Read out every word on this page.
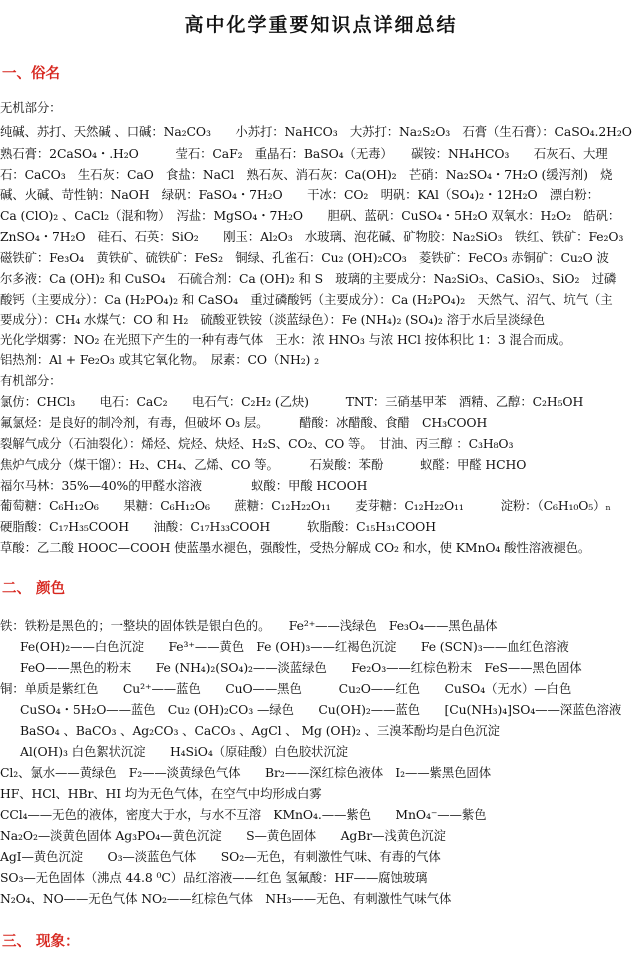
高中化学重要知识点详细总结
一、俗名
无机部分：
纯碱、苏打、天然碱 、口碱：Na₂CO₃　　小苏打：NaHCO₃　大苏打：Na₂S₂O₃　石膏（生石膏）：CaSO₄.2H₂O
熟石膏：2CaSO₄・.H₂O　　　莹石：CaF₂　重晶石：BaSO₄（无毒）　　碳铵：NH₄HCO₃　　石灰石、大理
石：CaCO₃　生石灰：CaO　食盐：NaCl　熟石灰、消石灰：Ca(OH)₂　芒硝：Na₂SO₄・7H₂O (缓泻剂)　烧
碱、火碱、苛性钠：NaOH　绿矾：FaSO₄・7H₂O　　干冰：CO₂　明矾：KAl（SO₄)₂・12H₂O　漂白粉：
Ca (ClO)₂ 、CaCl₂（混和物）　泻盐：MgSO₄・7H₂O　　胆矾、蓝矾：CuSO₄・5H₂O 双氧水：H₂O₂　皓矾：
ZnSO₄・7H₂O　硅石、石英：SiO₂　　刚玉：Al₂O₃　水玻璃、泡花碱、矿物胶：Na₂SiO₃　铁红、铁矿：Fe₂O₃
磁铁矿：Fe₃O₄　黄铁矿、硫铁矿：FeS₂　铜绿、孔雀石：Cu₂ (OH)₂CO₃　菱铁矿：FeCO₃ 赤铜矿：Cu₂O 波
尔多液：Ca (OH)₂ 和 CuSO₄　石硫合剂：Ca (OH)₂ 和 S　玻璃的主要成分：Na₂SiO₃、CaSiO₃、SiO₂　过磷
酸钙（主要成分）：Ca (H₂PO₄)₂ 和 CaSO₄　重过磷酸钙（主要成分）：Ca (H₂PO₄)₂　天然气、沼气、坑气（主
要成分）：CH₄ 水煤气：CO 和 H₂　硫酸亚铁铵（淡蓝绿色）：Fe (NH₄)₂ (SO₄)₂ 溶于水后呈淡绿色
光化学烟雾：NO₂ 在光照下产生的一种有毒气体　王水：浓 HNO₃ 与浓 HCl 按体积比 1：3 混合而成。
铝热剂：Al + Fe₂O₃ 或其它氧化物。　尿素：CO（NH₂) ₂
有机部分：
氯仿：CHCl₃　　电石：CaC₂　　电石气：C₂H₂ (乙炔)　　　TNT：三硝基甲苯　酒精、乙醇：C₂H₅OH
氟氯烃：是良好的制冷剂，有毒，但破坏 O₃ 层。　　　醋酸：冰醋酸、食醋　CH₃COOH
裂解气成分（石油裂化）：烯烃、烷烃、炔烃、H₂S、CO₂、CO 等。　甘油、丙三醇 ：C₃H₈O₃
焦炉气成分（煤干馏）：H₂、CH₄、乙烯、CO 等。　　　石炭酸：苯酚　　　蚁醛：甲醛 HCHO
福尔马林：35%—40%的甲醛水溶液　　　　蚁酸：甲酸 HCOOH
葡萄糖：C₆H₁₂O₆　　果糖：C₆H₁₂O₆　　蔗糖：C₁₂H₂₂O₁₁　　麦芽糖：C₁₂H₂₂O₁₁　　　淀粉：（C₆H₁₀O₅）ₙ
硬脂酸：C₁₇H₃₅COOH　　油酸：C₁₇H₃₃COOH　　　软脂酸：C₁₅H₃₁COOH
草酸：乙二酸 HOOC—COOH 使蓝墨水褪色，强酸性，受热分解成 CO₂ 和水，使 KMnO₄ 酸性溶液褪色。
二、 颜色
铁：铁粉是黑色的；一整块的固体铁是银白色的。　　Fe²⁺——浅绿色　Fe₃O₄——黑色晶体
Fe(OH)₂——白色沉淀　　Fe³⁺——黄色　Fe (OH)₃——红褐色沉淀　　Fe (SCN)₃——血红色溶液
FeO——黑色的粉末　　Fe (NH₄)₂(SO₄)₂——淡蓝绿色　　Fe₂O₃——红棕色粉末　FeS——黑色固体
铜：单质是紫红色　　Cu²⁺——蓝色　　CuO——黑色　　　Cu₂O——红色　　CuSO₄（无水）—白色
CuSO₄・5H₂O——蓝色　Cu₂ (OH)₂CO₃ —绿色　　Cu(OH)₂——蓝色　　[Cu(NH₃)₄]SO₄——深蓝色溶液
BaSO₄ 、BaCO₃ 、Ag₂CO₃ 、CaCO₃ 、AgCl 、 Mg (OH)₂ 、三溴苯酚均是白色沉淀
Al(OH)₃ 白色絮状沉淀　　H₄SiO₄（原硅酸）白色胶状沉淀
Cl₂、氯水——黄绿色　F₂——淡黄绿色气体　　Br₂——深红棕色液体　I₂——紫黑色固体
HF、HCl、HBr、HI 均为无色气体，在空气中均形成白雾
CCl₄——无色的液体，密度大于水，与水不互溶　KMnO₄.——紫色　　MnO₄⁻——紫色
Na₂O₂—淡黄色固体 Ag₃PO₄—黄色沉淀　　S—黄色固体　　AgBr—浅黄色沉淀
AgI—黄色沉淀　　O₃—淡蓝色气体　　SO₂—无色，有刺激性气味、有毒的气体
SO₃—无色固体（沸点 44.8 ⁰C）品红溶液——红色 氢氟酸：HF——腐蚀玻璃
N₂O₄、NO——无色气体 NO₂——红棕色气体　NH₃——无色、有刺激性气味气体
三、 现象：
